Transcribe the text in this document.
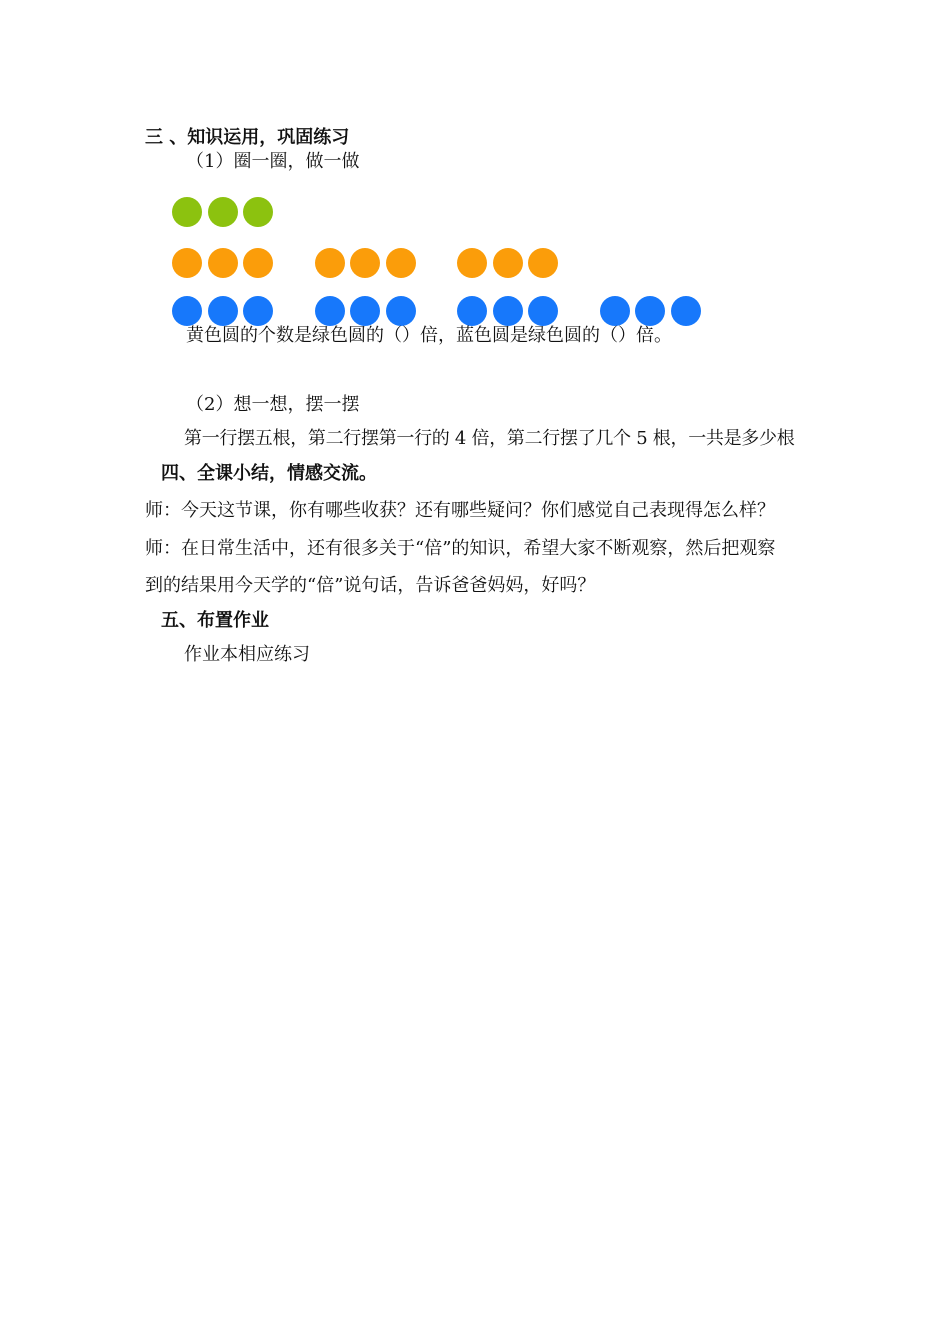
三 、知识运用，巩固练习
（1）圈一圈，做一做
黄色圆的个数是绿色圆的（）倍，蓝色圆是绿色圆的（）倍。
（2）想一想，摆一摆
第一行摆五根，第二行摆第一行的 4 倍，第二行摆了几个 5 根，一共是多少根
四、全课小结，情感交流。
师：今天这节课，你有哪些收获？还有哪些疑问？你们感觉自己表现得怎么样？
师：在日常生活中，还有很多关于“倍”的知识，希望大家不断观察，然后把观察
到的结果用今天学的“倍”说句话，告诉爸爸妈妈，好吗？
五、布置作业
作业本相应练习
